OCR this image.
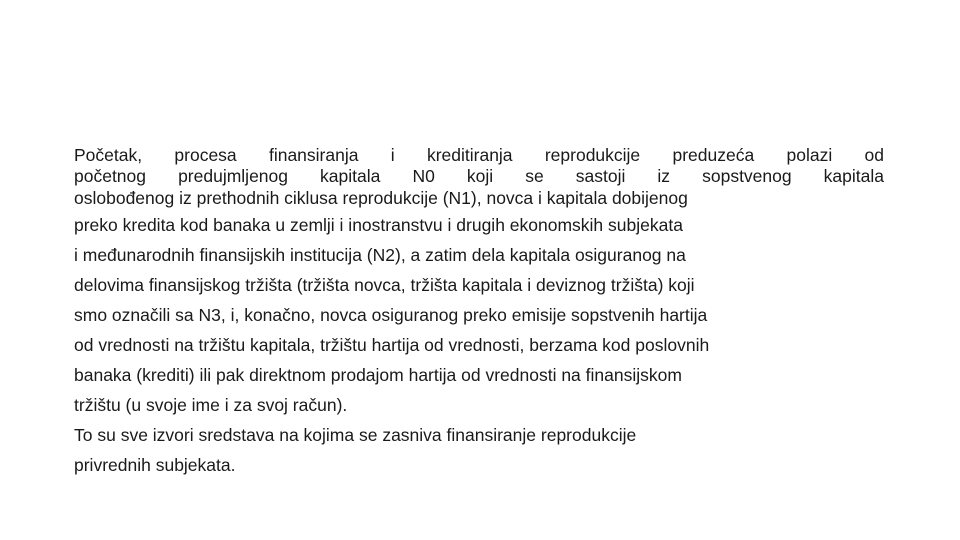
Početak, procesa finansiranja i kreditiranja reprodukcije preduzeća polazi od
početnog predujmljenog kapitala N0 koji se sastoji iz sopstvenog kapitala
oslobođenog iz prethodnih ciklusa reprodukcije (N1), novca i kapitala dobijenog
preko kredita kod banaka u zemlji i inostranstvu i drugih ekonomskih subjekata
i međunarodnih finansijskih institucija (N2), a zatim dela kapitala osiguranog na
delovima finansijskog tržišta (tržišta novca, tržišta kapitala i deviznog tržišta) koji
smo označili sa N3, i, konačno, novca osiguranog preko emisije sopstvenih hartija
od vrednosti na tržištu kapitala, tržištu hartija od vrednosti, berzama kod poslovnih
banaka (krediti) ili pak direktnom prodajom hartija od vrednosti na finansijskom
tržištu (u svoje ime i za svoj račun).
To su sve izvori sredstava na kojima se zasniva finansiranje reprodukcije
privrednih subjekata.
